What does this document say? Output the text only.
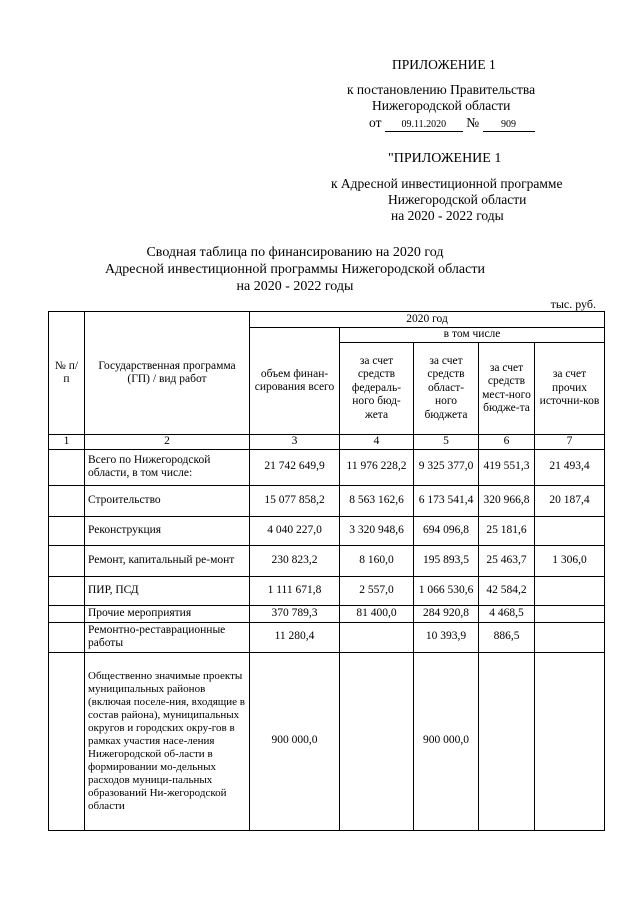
ПРИЛОЖЕНИЕ 1
к постановлению Правительства
Нижегородской области
от 09.11.2020 № 909
"ПРИЛОЖЕНИЕ 1
к Адресной инвестиционной программе
Нижегородской области
на 2020 - 2022 годы
Сводная таблица по финансированию на 2020 год
Адресной инвестиционной программы Нижегородской области
на 2020 - 2022 годы
тыс. руб.
№ п/п	Государственная программа (ГП) / вид работ	2020 год				
		объем финан-сирования всего	в том числе			
			за счет средств федераль-ного бюд-жета	за счет средств област-ного бюджета	за счет средств мест-ного бюдже-та	за счет прочих источни-ков
1	2	3	4	5	6	7
	Всего по Нижегородской области, в том числе:	21 742 649,9	11 976 228,2	9 325 377,0	419 551,3	21 493,4
	Строительство	15 077 858,2	8 563 162,6	6 173 541,4	320 966,8	20 187,4
	Реконструкция	4 040 227,0	3 320 948,6	694 096,8	25 181,6	
	Ремонт, капитальный ре-монт	230 823,2	8 160,0	195 893,5	25 463,7	1 306,0
	ПИР, ПСД	1 111 671,8	2 557,0	1 066 530,6	42 584,2	
	Прочие мероприятия	370 789,3	81 400,0	284 920,8	4 468,5	
	Ремонтно-реставрационные работы	11 280,4		10 393,9	886,5	
	Общественно значимые проекты муниципальных районов (включая поселе-ния, входящие в состав района), муниципальных округов и городских окру-гов в рамках участия насе-ления Нижегородской об-ласти в формировании мо-дельных расходов муници-пальных образований Ни-жегородской области	900 000,0		900 000,0		
